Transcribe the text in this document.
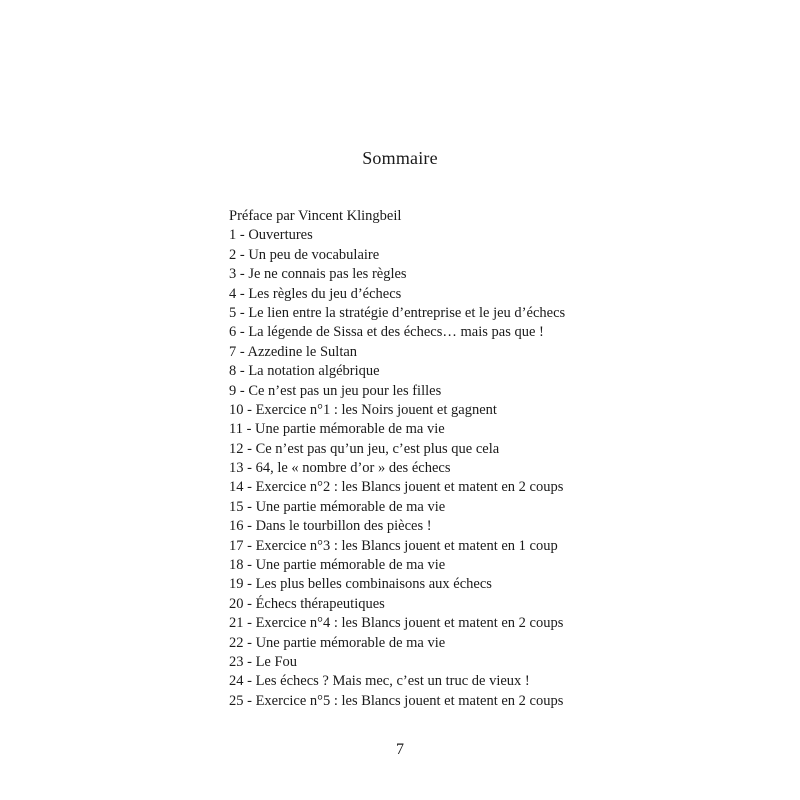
Sommaire
Préface par Vincent Klingbeil
1 - Ouvertures
2 - Un peu de vocabulaire
3 - Je ne connais pas les règles
4 - Les règles du jeu d’échecs
5 - Le lien entre la stratégie d’entreprise et le jeu d’échecs
6 - La légende de Sissa et des échecs… mais pas que !
7 - Azzedine le Sultan
8 - La notation algébrique
9 - Ce n’est pas un jeu pour les filles
10 - Exercice n°1 : les Noirs jouent et gagnent
11 - Une partie mémorable de ma vie
12 - Ce n’est pas qu’un jeu, c’est plus que cela
13 - 64, le « nombre d’or » des échecs
14 - Exercice n°2 : les Blancs jouent et matent en 2 coups
15 - Une partie mémorable de ma vie
16 - Dans le tourbillon des pièces !
17 - Exercice n°3 : les Blancs jouent et matent en 1 coup
18 - Une partie mémorable de ma vie
19 - Les plus belles combinaisons aux échecs
20 - Échecs thérapeutiques
21 - Exercice n°4 : les Blancs jouent et matent en 2 coups
22 - Une partie mémorable de ma vie
23 - Le Fou
24 - Les échecs ? Mais mec, c’est un truc de vieux !
25 - Exercice n°5 : les Blancs jouent et matent en 2 coups
7
